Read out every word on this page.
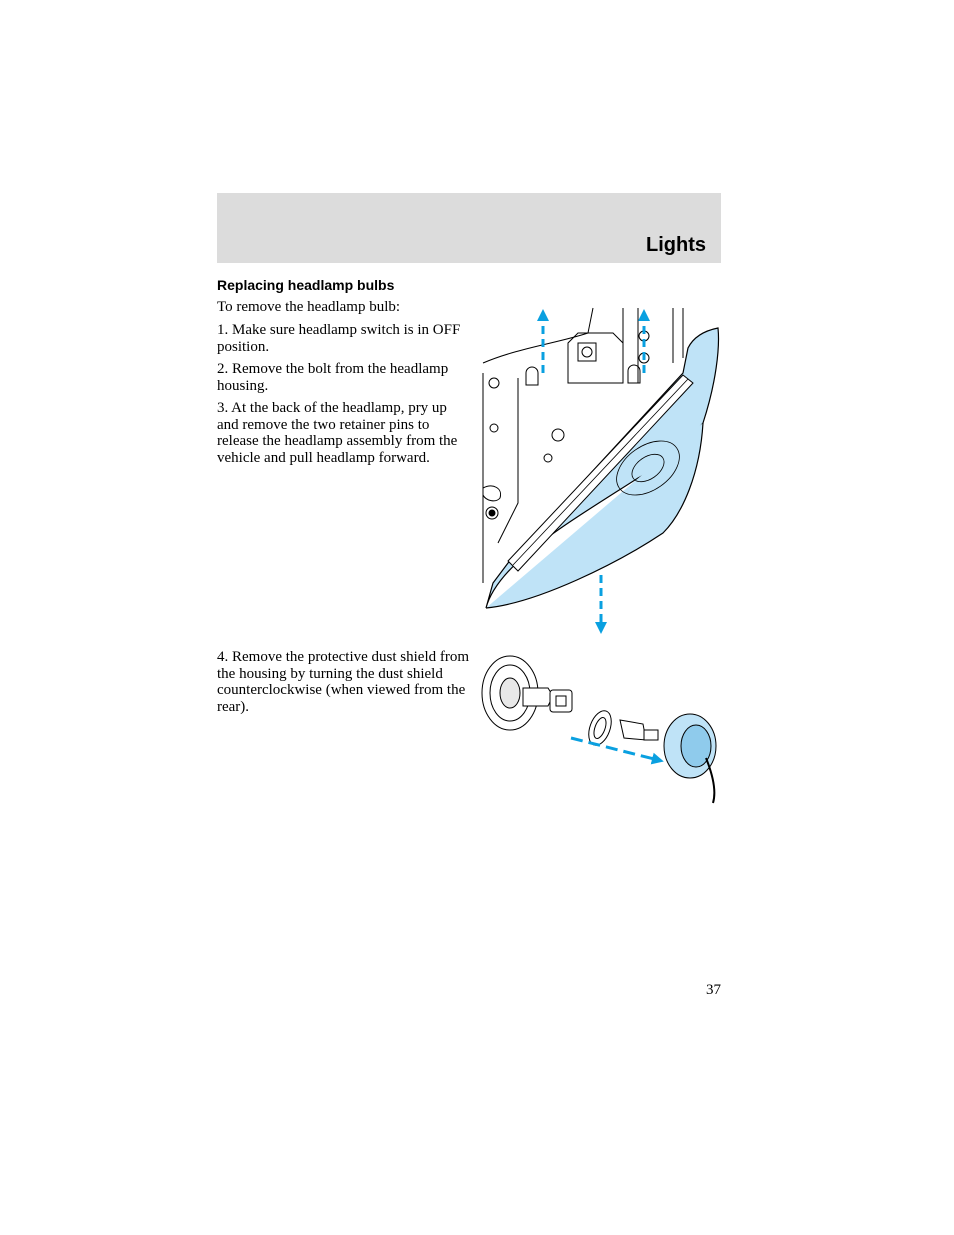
Lights
Replacing headlamp bulbs
To remove the headlamp bulb:
1. Make sure headlamp switch is in OFF position.
2. Remove the bolt from the headlamp housing.
3. At the back of the headlamp, pry up and remove the two retainer pins to release the headlamp assembly from the vehicle and pull headlamp forward.
4. Remove the protective dust shield from the housing by turning the dust shield counterclockwise (when viewed from the rear).
37
